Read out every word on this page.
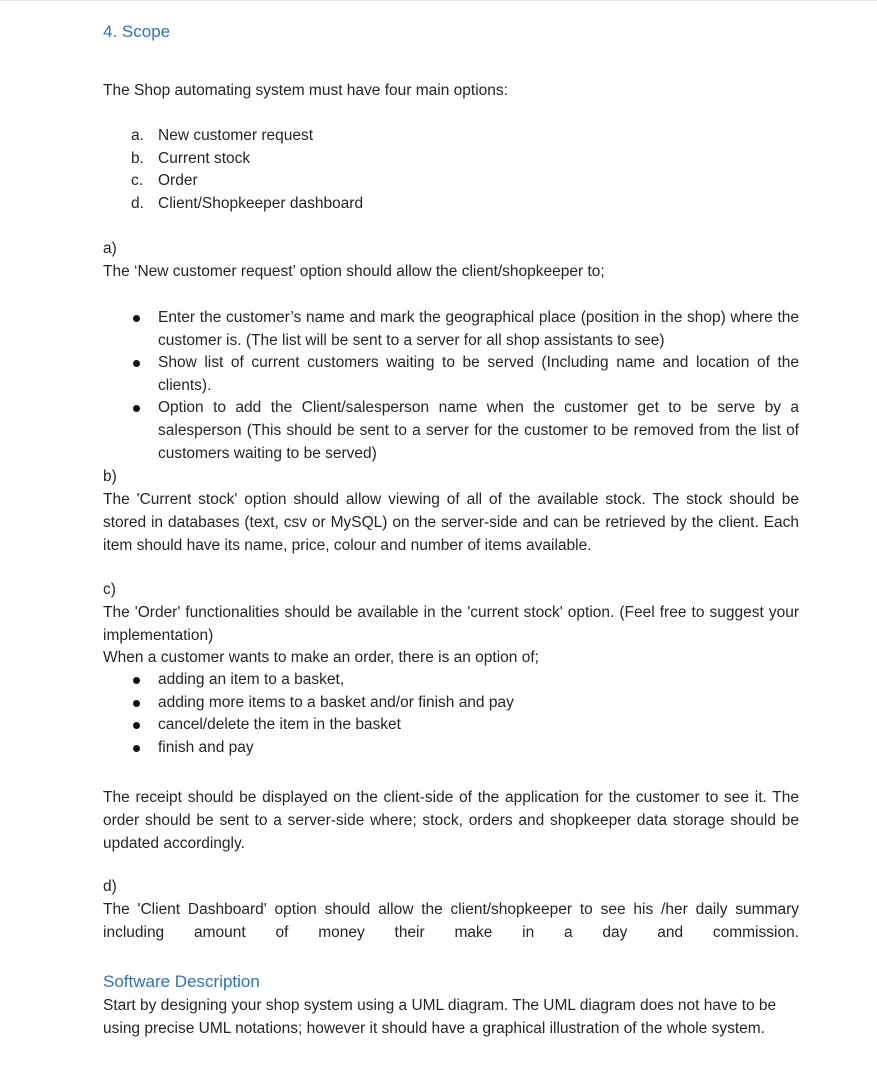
4. Scope

The Shop automating system must have four main options:

a. New customer request
b. Current stock
c. Order
d. Client/Shopkeeper dashboard

a)

The ‘New customer request’ option should allow the client/shopkeeper to;

Enter the customer’s name and mark the geographical place (position in the shop) where the customer is. (The list will be sent to a server for all shop assistants to see)
Show list of current customers waiting to be served (Including name and location of the clients).
Option to add the Client/salesperson name when the customer get to be serve by a salesperson (This should be sent to a server for the customer to be removed from the list of customers waiting to be served)

b)

The 'Current stock' option should allow viewing of all of the available stock. The stock should be stored in databases (text, csv or MySQL) on the server-side and can be retrieved by the client. Each item should have its name, price, colour and number of items available.

c)

The 'Order' functionalities should be available in the 'current stock' option. (Feel free to suggest your implementation)

When a customer wants to make an order, there is an option of;

adding an item to a basket,
adding more items to a basket and/or finish and pay
cancel/delete the item in the basket
finish and pay

The receipt should be displayed on the client-side of the application for the customer to see it. The order should be sent to a server-side where; stock, orders and shopkeeper data storage should be updated accordingly.

d)

The 'Client Dashboard' option should allow the client/shopkeeper to see his /her daily summary including amount of money their make in a day and commission.

Software Description

Start by designing your shop system using a UML diagram. The UML diagram does not have to be using precise UML notations; however it should have a graphical illustration of the whole system.
